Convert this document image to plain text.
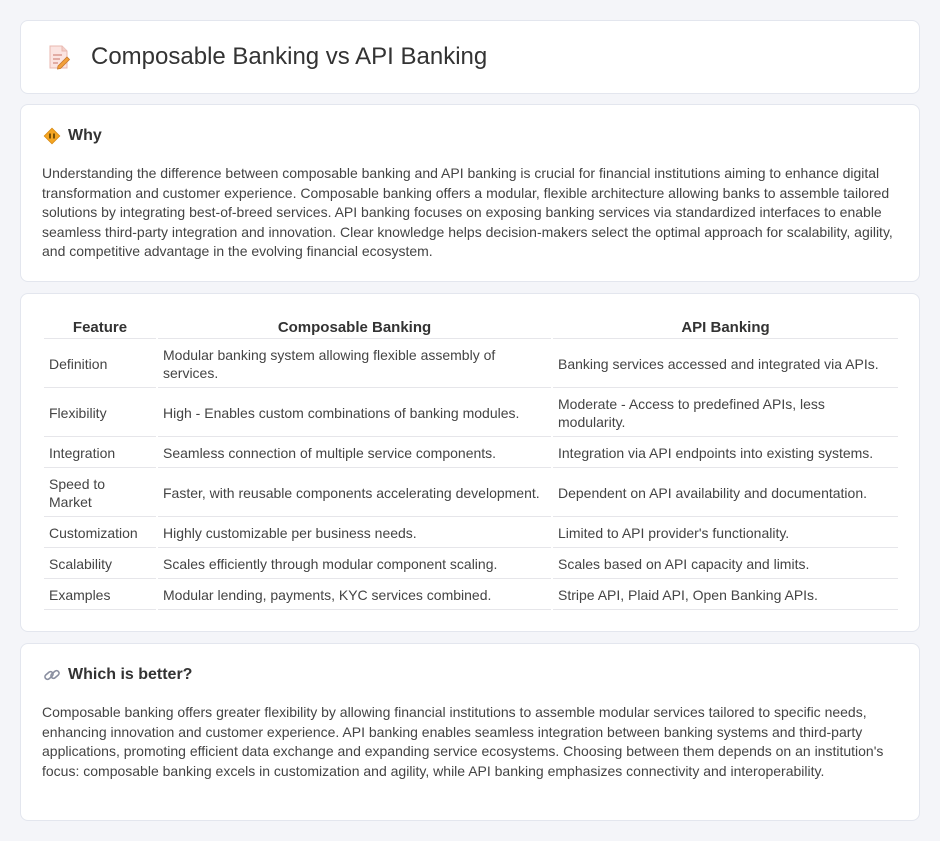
Composable Banking vs API Banking
Why

Understanding the difference between composable banking and API banking is crucial for financial institutions aiming to enhance digital transformation and customer experience. Composable banking offers a modular, flexible architecture allowing banks to assemble tailored solutions by integrating best-of-breed services. API banking focuses on exposing banking services via standardized interfaces to enable seamless third-party integration and innovation. Clear knowledge helps decision-makers select the optimal approach for scalability, agility, and competitive advantage in the evolving financial ecosystem.

Feature	Composable Banking	API Banking
Definition	Modular banking system allowing flexible assembly of services.	Banking services accessed and integrated via APIs.
Flexibility	High - Enables custom combinations of banking modules.	Moderate - Access to predefined APIs, less modularity.
Integration	Seamless connection of multiple service components.	Integration via API endpoints into existing systems.
Speed to Market	Faster, with reusable components accelerating development.	Dependent on API availability and documentation.
Customization	Highly customizable per business needs.	Limited to API provider's functionality.
Scalability	Scales efficiently through modular component scaling.	Scales based on API capacity and limits.
Examples	Modular lending, payments, KYC services combined.	Stripe API, Plaid API, Open Banking APIs.
Which is better?

Composable banking offers greater flexibility by allowing financial institutions to assemble modular services tailored to specific needs, enhancing innovation and customer experience. API banking enables seamless integration between banking systems and third-party applications, promoting efficient data exchange and expanding service ecosystems. Choosing between them depends on an institution's focus: composable banking excels in customization and agility, while API banking emphasizes connectivity and interoperability.
